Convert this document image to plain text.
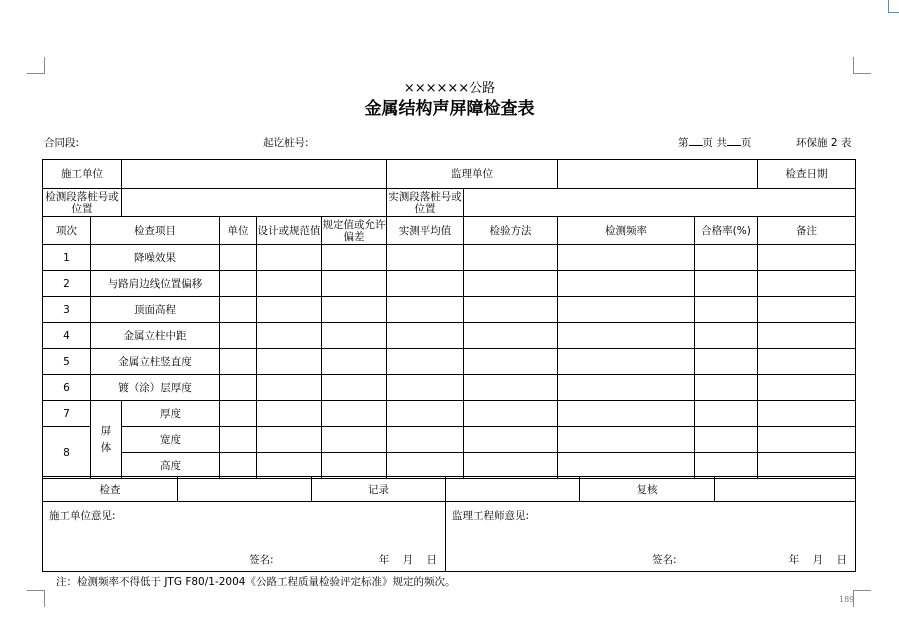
××××××公路
金属结构声屏障检查表
合同段:	起讫桩号:	第 页 共 页	环保施 2 表
施工单位						监理单位				检查日期	
检测段落桩号或位置						实测段落桩号或位置					
项次	检查项目		单位	设计或规范值	规定值或允许偏差	实测平均值	检验方法	检测频率	合格率(%)	备注	
1	降噪效果										
2	与路肩边线位置偏移										
3	顶面高程										
4	金属立柱中距										
5	金属立柱竖直度										
6	镀（涂）层厚度										
7	屏体	厚度									
8		宽度									
		高度									
检查		记录		复核	

施工单位意见:
签名: 年    月    日			监理工程师意见:
签名: 年    月    日		
注：检测频率不得低于 JTG F80/1-2004《公路工程质量检验评定标准》规定的频次。
189
